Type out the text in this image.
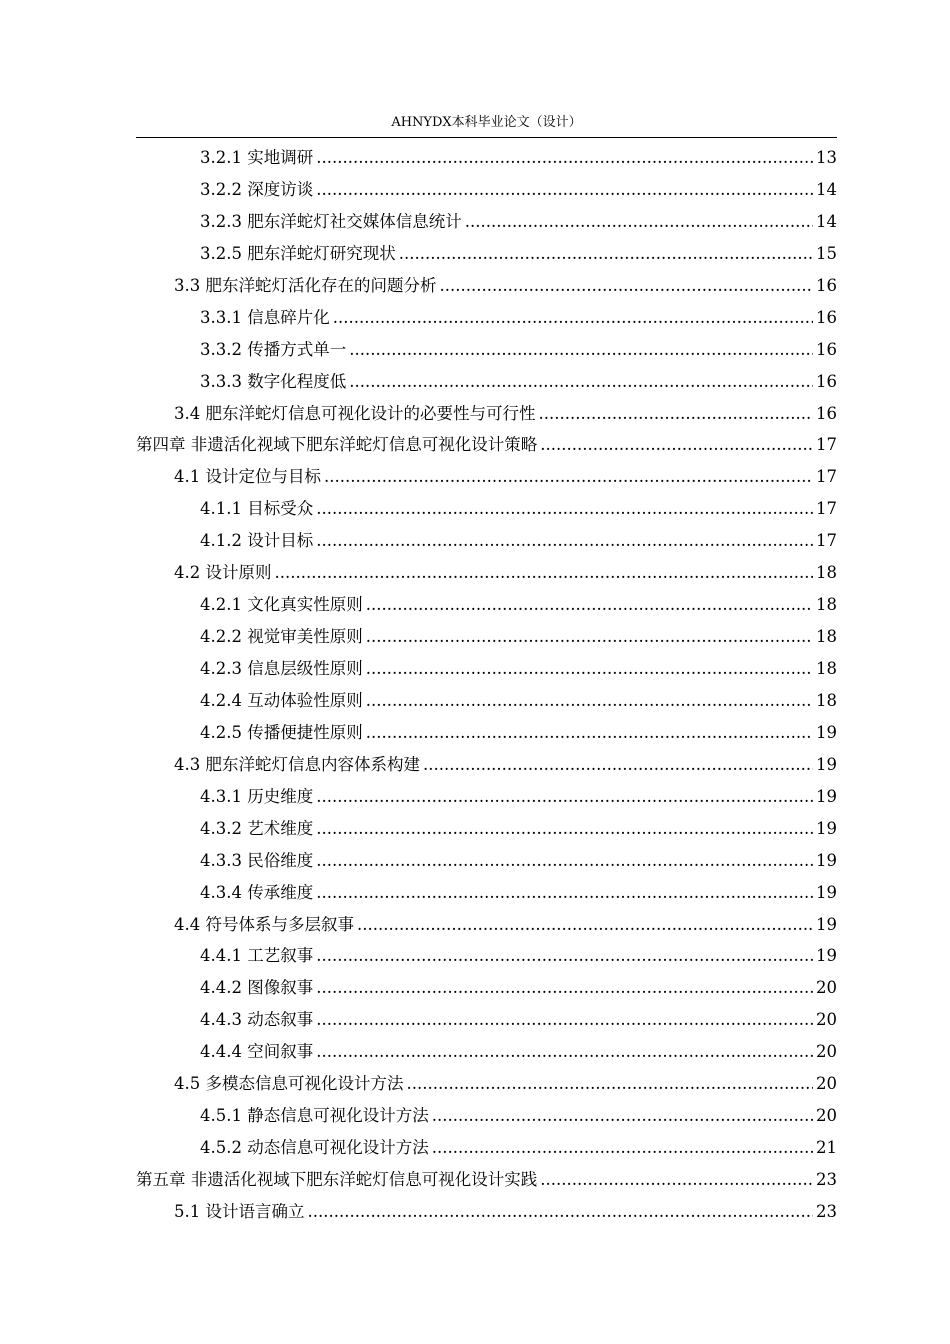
AHNYDX本科毕业论文（设计）
3.2.1 实地调研 .....	13
3.2.2 深度访谈 .....	14
3.2.3 肥东洋蛇灯社交媒体信息统计 .....	14
3.2.5 肥东洋蛇灯研究现状 .....	15
3.3 肥东洋蛇灯活化存在的问题分析 .....	16
3.3.1 信息碎片化 .....	16
3.3.2 传播方式单一 .....	16
3.3.3 数字化程度低 .....	16
3.4 肥东洋蛇灯信息可视化设计的必要性与可行性 .....	16
第四章 非遗活化视域下肥东洋蛇灯信息可视化设计策略 .....	17
4.1 设计定位与目标 .....	17
4.1.1 目标受众 .....	17
4.1.2 设计目标 .....	17
4.2 设计原则 .....	18
4.2.1 文化真实性原则 .....	18
4.2.2 视觉审美性原则 .....	18
4.2.3 信息层级性原则 .....	18
4.2.4 互动体验性原则 .....	18
4.2.5 传播便捷性原则 .....	19
4.3 肥东洋蛇灯信息内容体系构建 .....	19
4.3.1 历史维度 .....	19
4.3.2 艺术维度 .....	19
4.3.3 民俗维度 .....	19
4.3.4 传承维度 .....	19
4.4 符号体系与多层叙事 .....	19
4.4.1 工艺叙事 .....	19
4.4.2 图像叙事 .....	20
4.4.3 动态叙事 .....	20
4.4.4 空间叙事 .....	20
4.5 多模态信息可视化设计方法 .....	20
4.5.1 静态信息可视化设计方法 .....	20
4.5.2 动态信息可视化设计方法 .....	21
第五章 非遗活化视域下肥东洋蛇灯信息可视化设计实践 .....	23
5.1 设计语言确立 .....	23
